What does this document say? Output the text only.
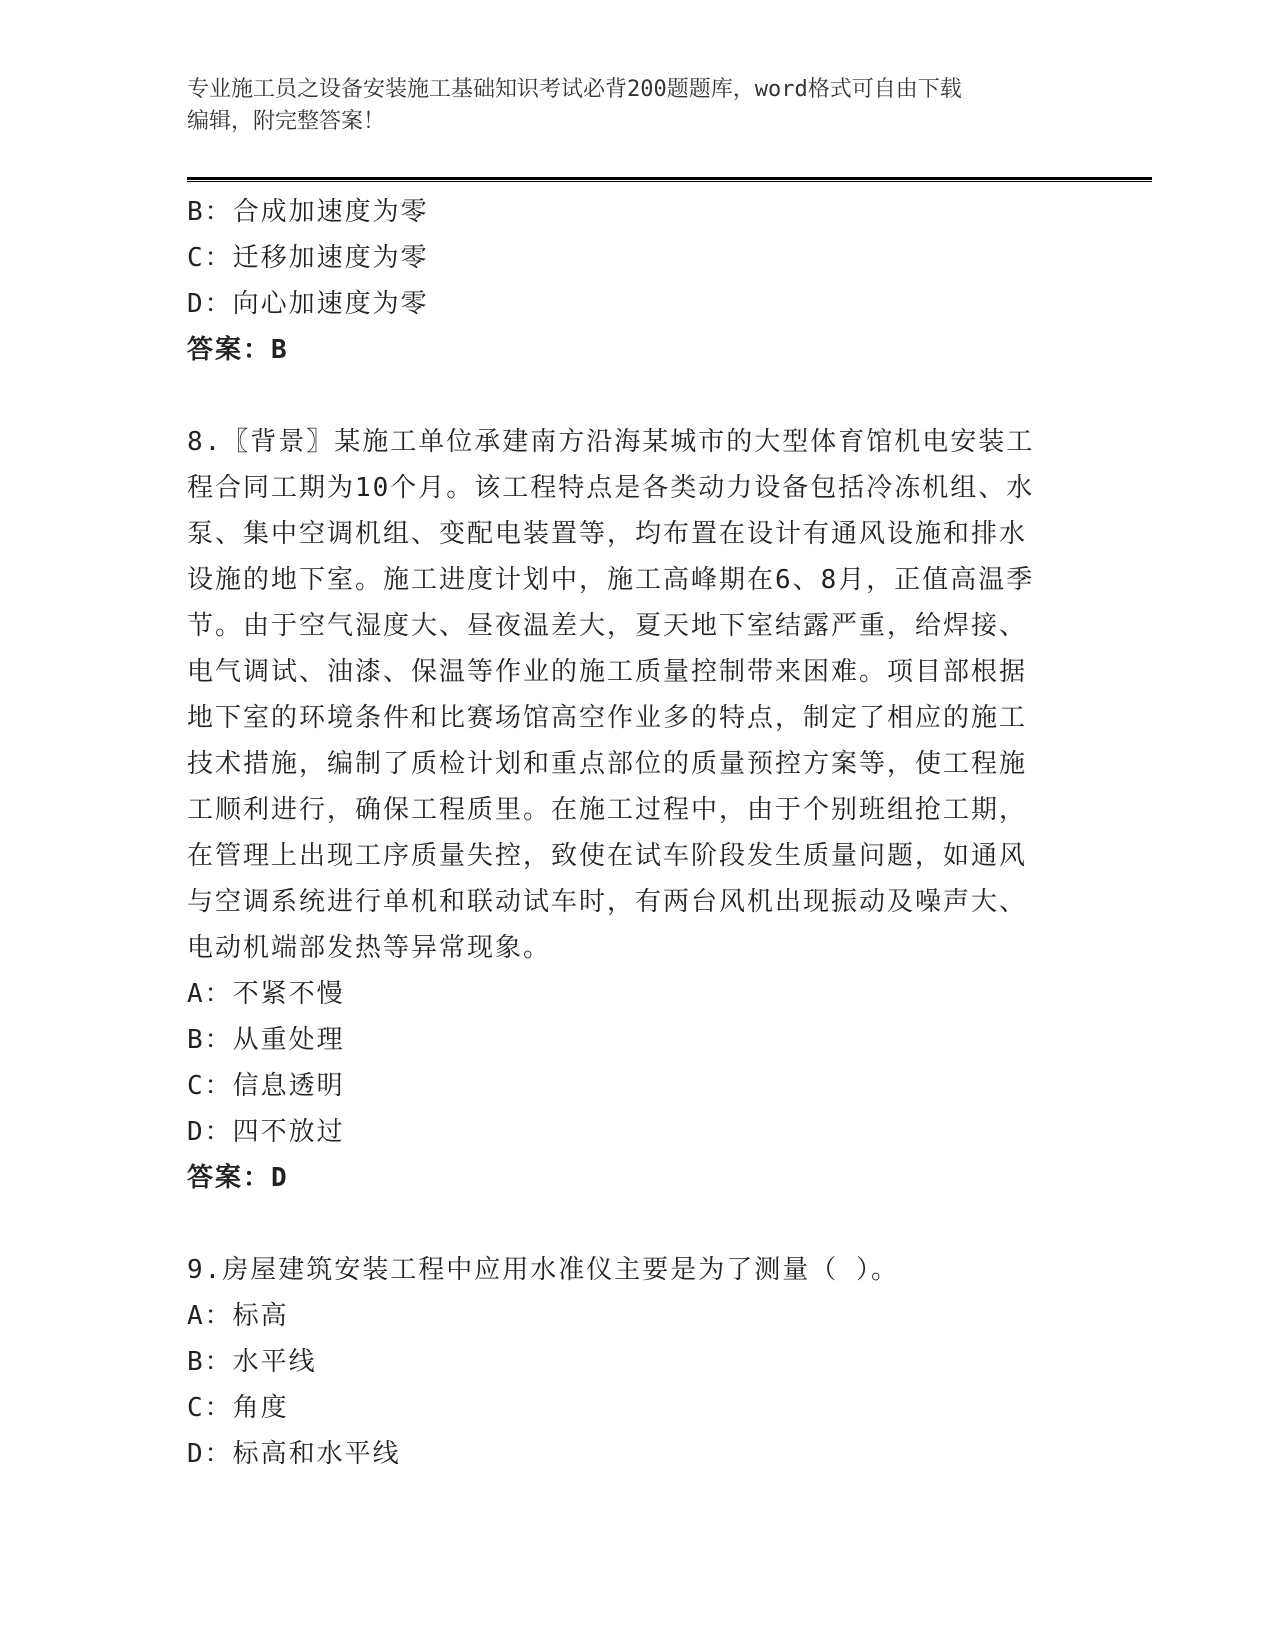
专业施工员之设备安装施工基础知识考试必背200题题库，word格式可自由下载
编辑，附完整答案！
B：合成加速度为零
C：迁移加速度为零
D：向心加速度为零
答案：B
8.〖背景〗某施工单位承建南方沿海某城市的大型体育馆机电安装工
程合同工期为10个月。该工程特点是各类动力设备包括冷冻机组、水
泵、集中空调机组、变配电装置等，均布置在设计有通风设施和排水
设施的地下室。施工进度计划中，施工高峰期在6、8月，正值高温季
节。由于空气湿度大、昼夜温差大，夏天地下室结露严重，给焊接、
电气调试、油漆、保温等作业的施工质量控制带来困难。项目部根据
地下室的环境条件和比赛场馆高空作业多的特点，制定了相应的施工
技术措施，编制了质检计划和重点部位的质量预控方案等，使工程施
工顺利进行，确保工程质里。在施工过程中，由于个别班组抢工期，
在管理上出现工序质量失控，致使在试车阶段发生质量问题，如通风
与空调系统进行单机和联动试车时，有两台风机出现振动及噪声大、
电动机端部发热等异常现象。
A：不紧不慢
B：从重处理
C：信息透明
D：四不放过
答案：D
9.房屋建筑安装工程中应用水准仪主要是为了测量（ ）。
A：标高
B：水平线
C：角度
D：标高和水平线
